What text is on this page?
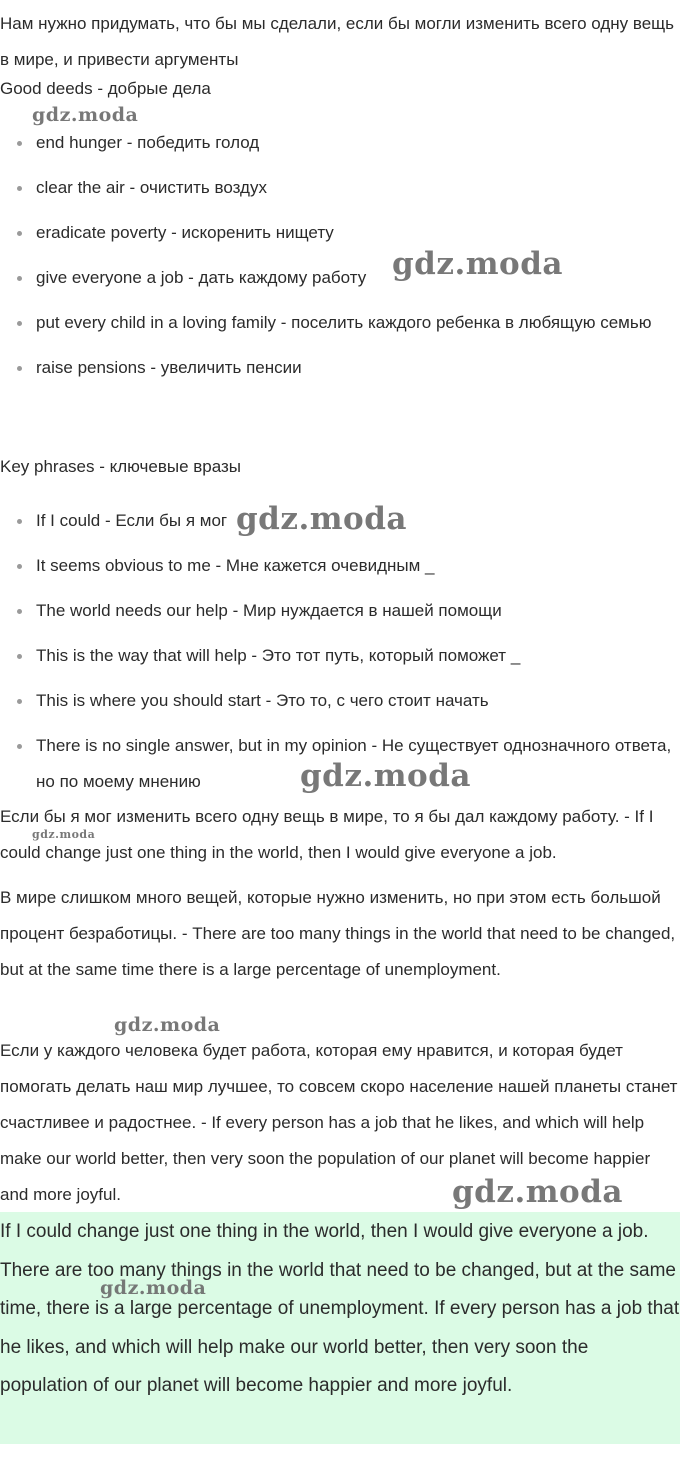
Нам нужно придумать, что бы мы сделали, если бы могли изменить всего одну вещь в мире, и привести аргументы

Good deeds - добрые дела

end hunger - победить голод
clear the air - очистить воздух
eradicate poverty - искоренить нищету
give everyone a job - дать каждому работу
put every child in a loving family - поселить каждого ребенка в любящую семью
raise pensions - увеличить пенсии

Key phrases - ключевые вразы

If I could - Если бы я мог
It seems obvious to me - Мне кажется очевидным _
The world needs our help - Мир нуждается в нашей помощи
This is the way that will help - Это тот путь, который поможет _
This is where you should start - Это то, с чего стоит начать
There is no single answer, but in my opinion - Не существует однозначного ответа, но по моему мнению

Если бы я мог изменить всего одну вещь в мире, то я бы дал каждому работу. - If I could change just one thing in the world, then I would give everyone a job.

В мире слишком много вещей, которые нужно изменить, но при этом есть большой процент безработицы. - There are too many things in the world that need to be changed, but at the same time there is a large percentage of unemployment.

Если у каждого человека будет работа, которая ему нравится, и которая будет помогать делать наш мир лучшее, то совсем скоро население нашей планеты станет счастливее и радостнее. - If every person has a job that he likes, and which will help make our world better, then very soon the population of our planet will become happier and more joyful.

If I could change just one thing in the world, then I would give everyone a job. There are too many things in the world that need to be changed, but at the same time, there is a large percentage of unemployment. If every person has a job that he likes, and which will help make our world better, then very soon the population of our planet will become happier and more joyful.

gdz.moda
gdz.moda
gdz.moda
gdz.moda
gdz.moda
gdz.moda
gdz.moda
gdz.moda
